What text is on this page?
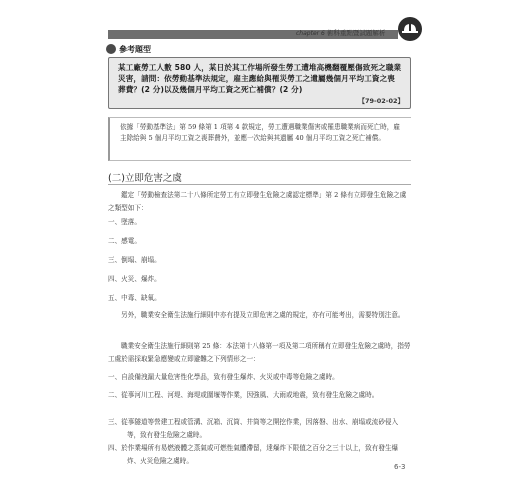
chapter 6 術科重點暨試題解析
參考題型

某工廠勞工人數 580 人，某日於其工作場所發生勞工遭堆高機翻覆壓傷致死之職業災害，請問：依勞動基準法規定，雇主應給與罹災勞工之遺屬幾個月平均工資之喪葬費？(2 分)以及幾個月平均工資之死亡補償？(2 分)

【79-02-02】

依據「勞動基準法」第 59 條第 1 項第 4 款規定，勞工遭遇職業傷害或罹患職業病而死亡時，雇主除給與 5 個月平均工資之喪葬費外，並應一次給與其遺屬 40 個月平均工資之死亡補償。

(二)立即危害之虞

鑑定「勞動檢查法第二十八條所定勞工有立即發生危險之虞認定標準」第 2 條有立即發生危險之虞之類型如下：

一、墜落。
二、感電。
三、倒塌、崩塌。
四、火災、爆炸。
五、中毒、缺氧。

另外，職業安全衛生法施行細則中亦有提及立即危害之虞的規定，亦有可能考出，需要特別注意。

職業安全衛生法施行細則第 25 條：本法第十八條第一項及第二項所稱有立即發生危險之虞時，指勞工處於需採取緊急應變或立即避難之下列情形之一：

一、自設備洩漏大量危害性化學品，致有發生爆炸、火災或中毒等危險之虞時。

二、從事河川工程、河堤、海堤或圍堰等作業，因強風、大雨或地震，致有發生危險之虞時。

三、從事隧道等營建工程或管溝、沉箱、沉筒、井筒等之開挖作業，因落磐、出水、崩塌或流砂侵入等，致有發生危險之虞時。

四、於作業場所有易燃液體之蒸氣或可燃性氣體滯留，達爆炸下限值之百分之三十以上，致有發生爆炸、火災危險之虞時。

6-3
